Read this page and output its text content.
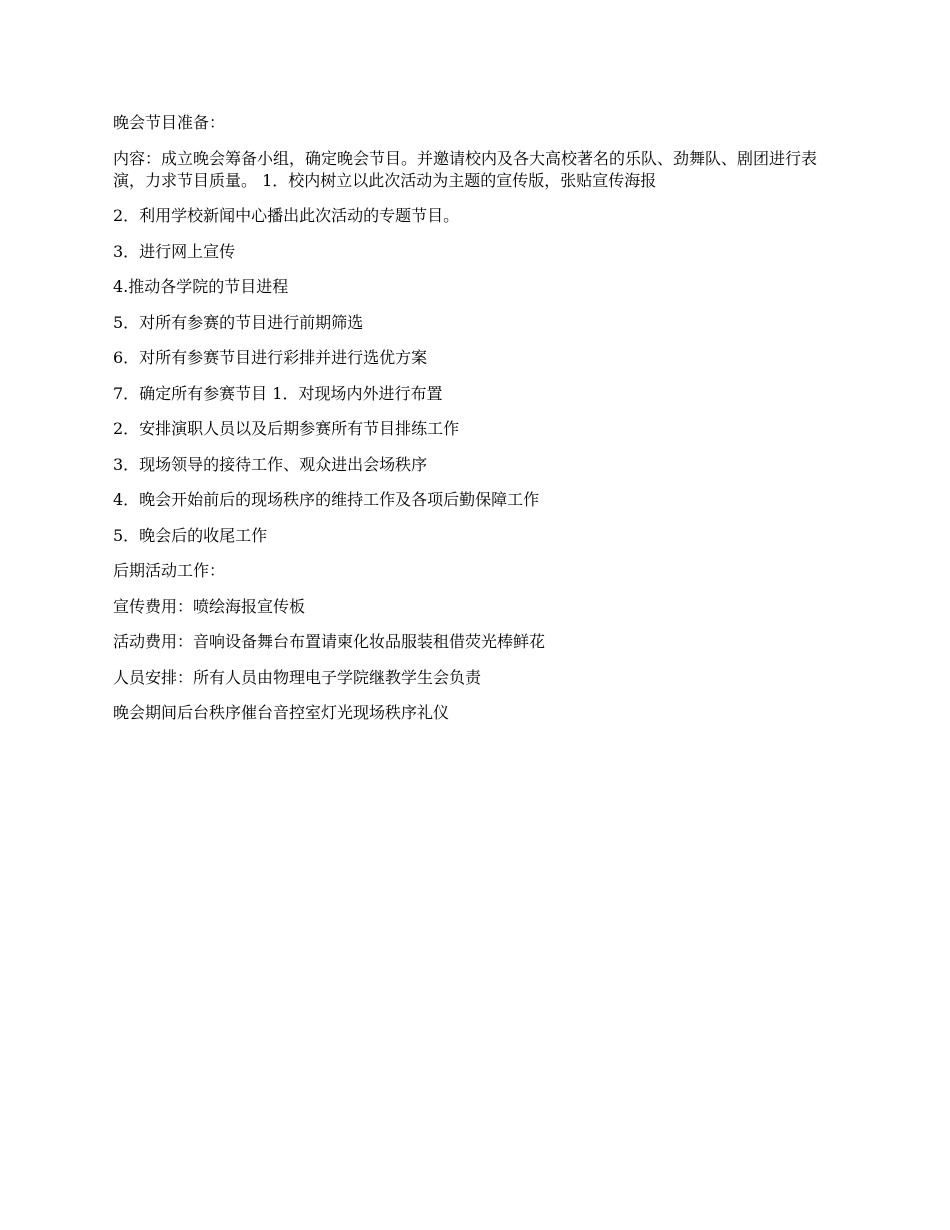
晚会节目准备：

内容：成立晚会筹备小组，确定晚会节目。并邀请校内及各大高校著名的乐队、劲舞队、剧团进行表演，力求节目质量。 1．校内树立以此次活动为主题的宣传版，张贴宣传海报

2．利用学校新闻中心播出此次活动的专题节目。

3．进行网上宣传

4.推动各学院的节目进程

5．对所有参赛的节目进行前期筛选

6．对所有参赛节目进行彩排并进行选优方案

7．确定所有参赛节目 1．对现场内外进行布置

2．安排演职人员以及后期参赛所有节目排练工作

3．现场领导的接待工作、观众进出会场秩序

4．晚会开始前后的现场秩序的维持工作及各项后勤保障工作

5．晚会后的收尾工作

后期活动工作：

宣传费用：喷绘海报宣传板

活动费用：音响设备舞台布置请柬化妆品服装租借荧光棒鲜花

人员安排：所有人员由物理电子学院继教学生会负责

晚会期间后台秩序催台音控室灯光现场秩序礼仪
